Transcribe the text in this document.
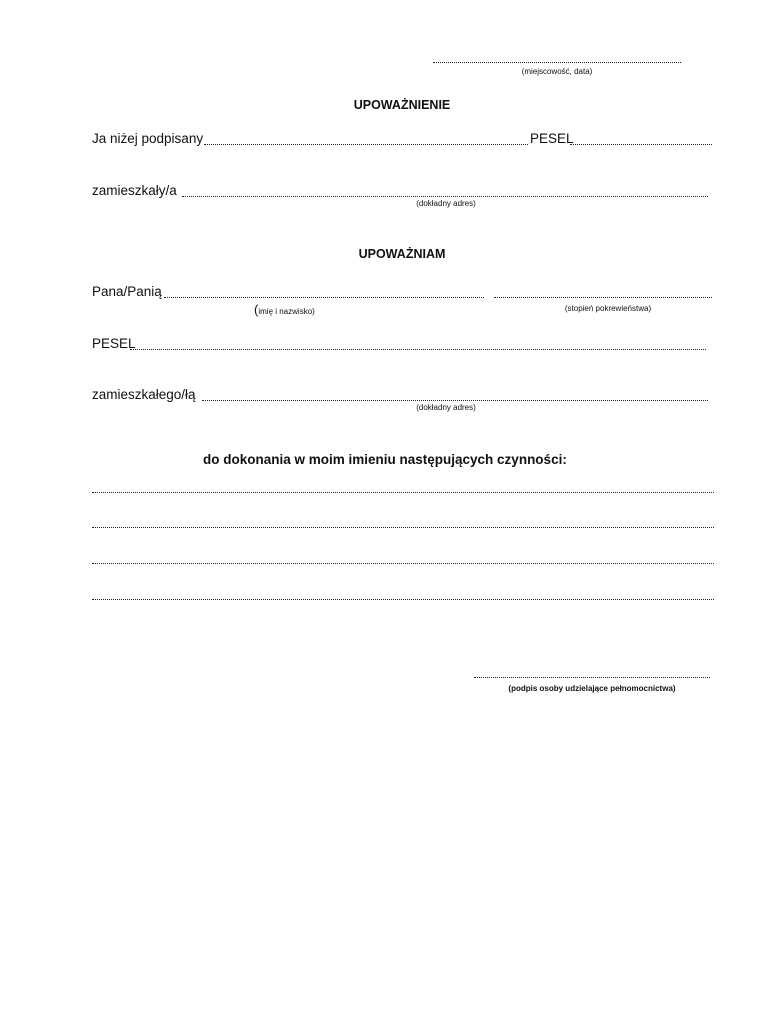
(miejscowość, data)
UPOWAŻNIENIE
Ja niżej podpisany	PESEL
zamieszkały/a
(dokładny adres)
UPOWAŻNIAM
Pana/Panią
(imię i nazwisko)	(stopień pokrewieństwa)
PESEL
zamieszkałego/łą
(dokładny adres)
do dokonania w moim imieniu następujących czynności:
(podpis osoby udzielające pełnomocnictwa)
